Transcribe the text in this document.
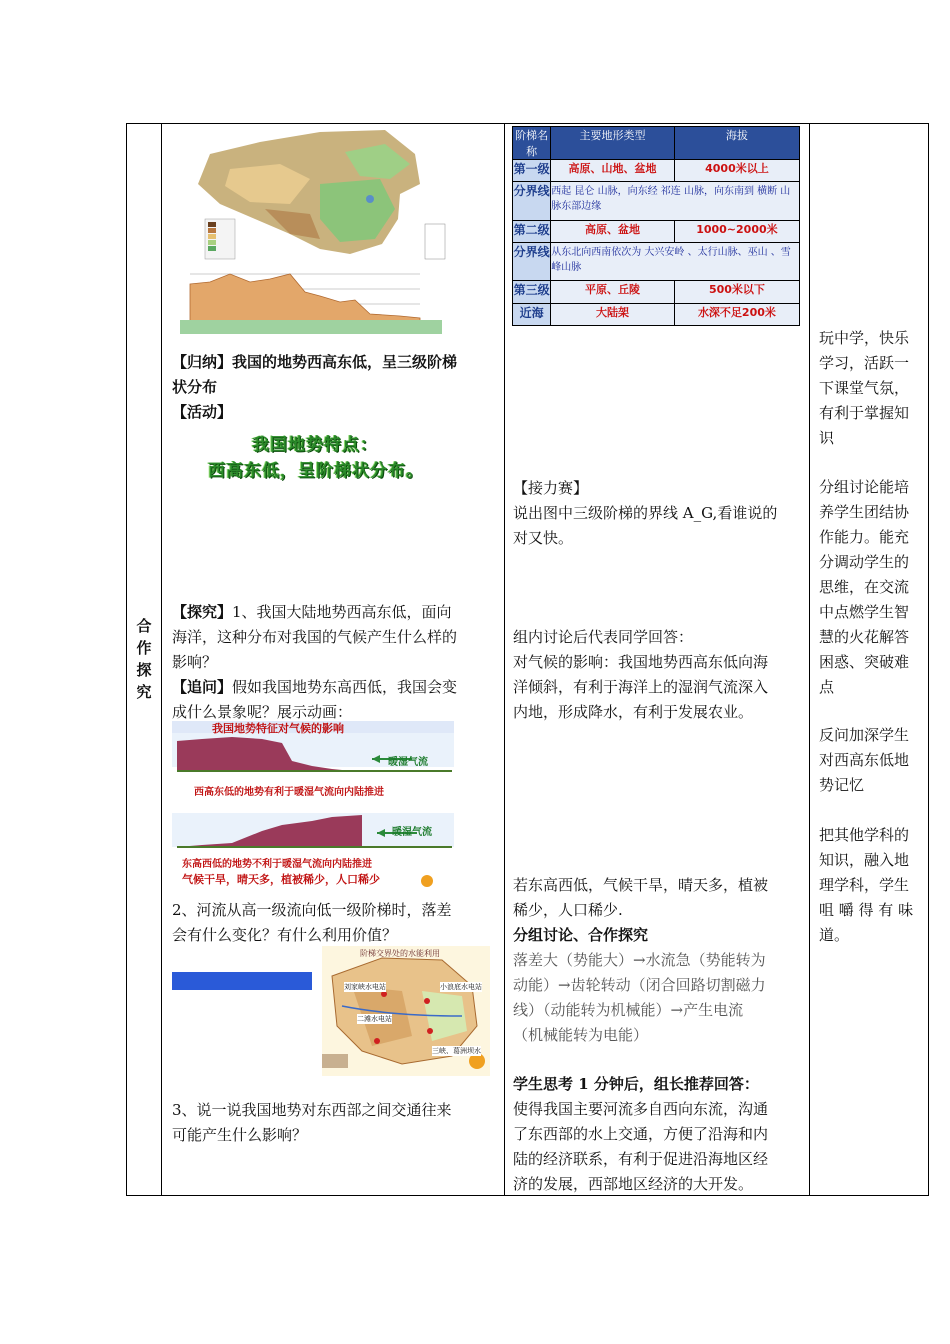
合
作
探
究

【归纳】我国的地势西高东低，呈三级阶梯
状分布
【活动】
我国地势特点：
西高东低，呈阶梯状分布。
【探究】1、我国大陆地势西高东低，面向
海洋，这种分布对我国的气候产生什么样的
影响？
【追问】假如我国地势东高西低，我国会变
成什么景象呢？展示动画：
我国地势特征对气候的影响
暖湿气流
西高东低的地势有利于暖湿气流向内陆推进
暖湿气流
东高西低的地势不利于暖湿气流向内陆推进
气候干旱，晴天多，植被稀少，人口稀少
2、河流从高一级流向低一级阶梯时，落差
会有什么变化？有什么利用价值？
阶梯交界处的水能利用
刘家峡水电站	小浪底水电站
二滩水电站
三峡、葛洲坝水
3、说一说我国地势对东西部之间交通往来
可能产生什么影响？

阶梯名称	主要地形类型	海拔
第一级	高原、山地、盆地	4000米以上
分界线	西起 昆仑 山脉，向东经 祁连 山脉，向东南到 横断 山脉东部边缘
第二级	高原、盆地	1000~2000米
分界线	从东北向西南依次为 大兴安岭 、太行山脉、巫山 、雪峰山脉
第三级	平原、丘陵	500米以下
近海	大陆架	水深不足200米
【接力赛】
说出图中三级阶梯的界线 A_G,看谁说的
对又快。
组内讨论后代表同学回答：
对气候的影响：我国地势西高东低向海
洋倾斜，有利于海洋上的湿润气流深入
内地，形成降水，有利于发展农业。
若东高西低，气候干旱，晴天多，植被
稀少，人口稀少.
分组讨论、合作探究
落差大（势能大）→水流急（势能转为
动能）→齿轮转动（闭合回路切割磁力
线）（动能转为机械能）→产生电流
（机械能转为电能）
学生思考 1 分钟后，组长推荐回答：
使得我国主要河流多自西向东流，沟通
了东西部的水上交通，方便了沿海和内
陆的经济联系，有利于促进沿海地区经
济的发展，西部地区经济的大开发。

玩中学，快乐
学习，活跃一
下课堂气氛，
有利于掌握知
识
分组讨论能培
养学生团结协
作能力。能充
分调动学生的
思维，在交流
中点燃学生智
慧的火花解答
困惑、突破难
点
反问加深学生
对西高东低地
势记忆
把其他学科的
知识，融入地
理学科，学生
咀 嚼 得 有 味
道。
